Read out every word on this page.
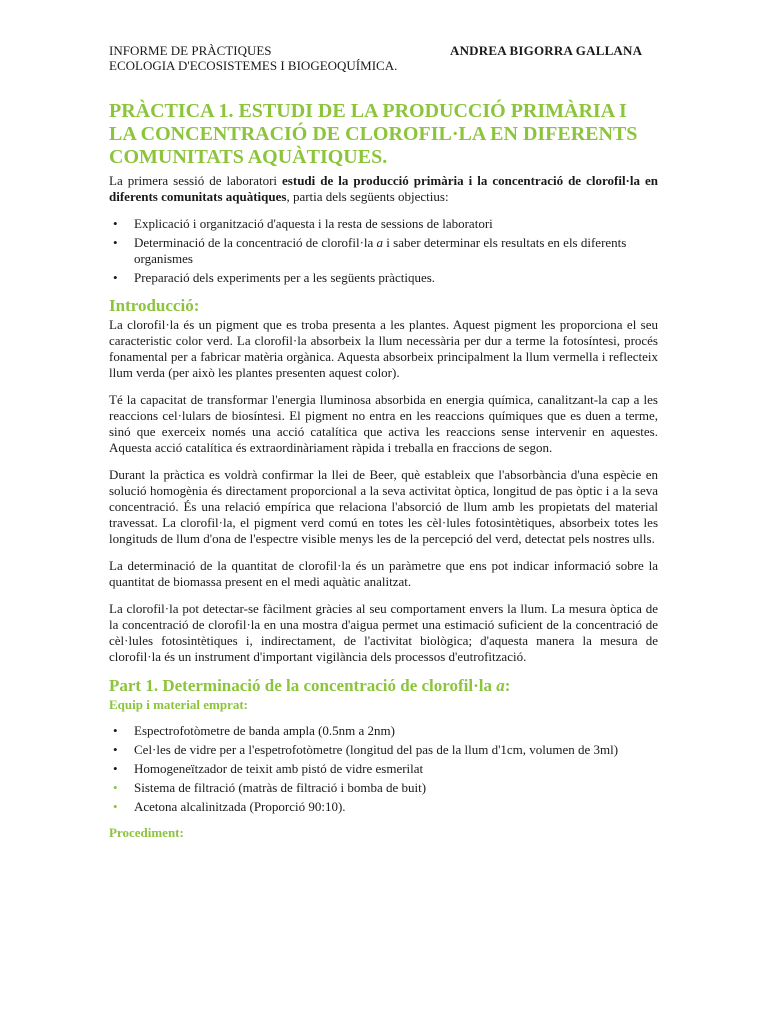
INFORME DE PRÀCTIQUES	ANDREA BIGORRA GALLANA
ECOLOGIA D'ECOSISTEMES I BIOGEOQUÍMICA.
PRÀCTICA 1. ESTUDI DE LA PRODUCCIÓ PRIMÀRIA I LA CONCENTRACIÓ DE CLOROFIL·LA EN DIFERENTS COMUNITATS AQUÀTIQUES.

La primera sessió de laboratori estudi de la producció primària i la concentració de clorofil·la en diferents comunitats aquàtiques, partia dels següents objectius:

• Explicació i organització d'aquesta i la resta de sessions de laboratori
• Determinació de la concentració de clorofil·la a i saber determinar els resultats en els diferents organismes
• Preparació dels experiments per a les següents pràctiques.
Introducció:

La clorofil·la és un pigment que es troba presenta a les plantes. Aquest pigment les proporciona el seu caracteristic color verd. La clorofil·la absorbeix la llum necessària per dur a terme la fotosíntesi, procés fonamental per a fabricar matèria orgànica. Aquesta absorbeix principalment la llum vermella i reflecteix llum verda (per això les plantes presenten aquest color).

Té la capacitat de transformar l'energia lluminosa absorbida en energia química, canalitzant-la cap a les reaccions cel·lulars de biosíntesi. El pigment no entra en les reaccions químiques que es duen a terme, sinó que exerceix només una acció catalítica que activa les reaccions sense intervenir en aquestes. Aquesta acció catalítica és extraordinàriament ràpida i treballa en fraccions de segon.

Durant la pràctica es voldrà confirmar la llei de Beer, què estableix que l'absorbància d'una espècie en solució homogènia és directament proporcional a la seva activitat òptica, longitud de pas òptic i a la seva concentració. És una relació empírica que relaciona l'absorció de llum amb les propietats del material travessat. La clorofil·la, el pigment verd comú en totes les cèl·lules fotosintètiques, absorbeix totes les longituds de llum d'ona de l'espectre visible menys les de la percepció del verd, detectat pels nostres ulls.

La determinació de la quantitat de clorofil·la és un paràmetre que ens pot indicar informació sobre la quantitat de biomassa present en el medi aquàtic analitzat.

La clorofil·la pot detectar-se fàcilment gràcies al seu comportament envers la llum. La mesura òptica de la concentració de clorofil·la en una mostra d'aigua permet una estimació suficient de la concentració de cèl·lules fotosintètiques i, indirectament, de l'activitat biològica; d'aquesta manera la mesura de clorofil·la és un instrument d'important vigilància dels processos d'eutrofització.

Part 1. Determinació de la concentració de clorofil·la a:
Equip i material emprat:
• Espectrofotòmetre de banda ampla (0.5nm a 2nm)
• Cel·les de vidre per a l'espetrofotòmetre (longitud del pas de la llum d'1cm, volumen de 3ml)
• Homogeneïtzador de teixit amb pistó de vidre esmerilat
• Sistema de filtració (matràs de filtració i bomba de buit)
• Acetona alcalinitzada (Proporció 90:10).
Procediment:
